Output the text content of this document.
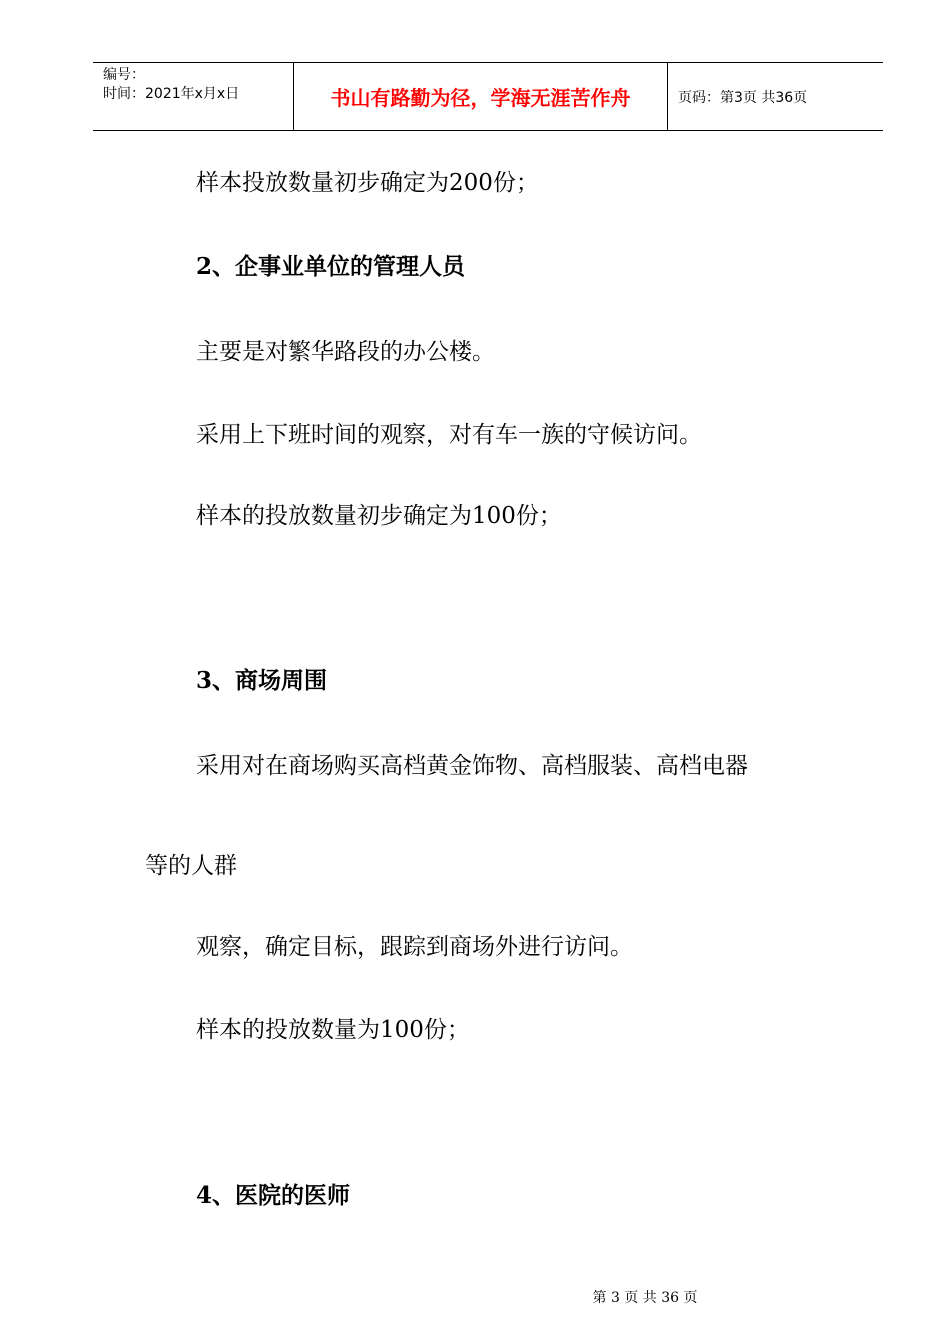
编号：
时间：2021年x月x日	书山有路勤为径，学海无涯苦作舟	页码：第3页 共36页
样本投放数量初步确定为200份；
2、企事业单位的管理人员
主要是对繁华路段的办公楼。
采用上下班时间的观察，对有车一族的守候访问。
样本的投放数量初步确定为100份；
3、商场周围
采用对在商场购买高档黄金饰物、高档服装、高档电器
等的人群
观察，确定目标，跟踪到商场外进行访问。
样本的投放数量为100份；
4、医院的医师
第 3 页 共 36 页
